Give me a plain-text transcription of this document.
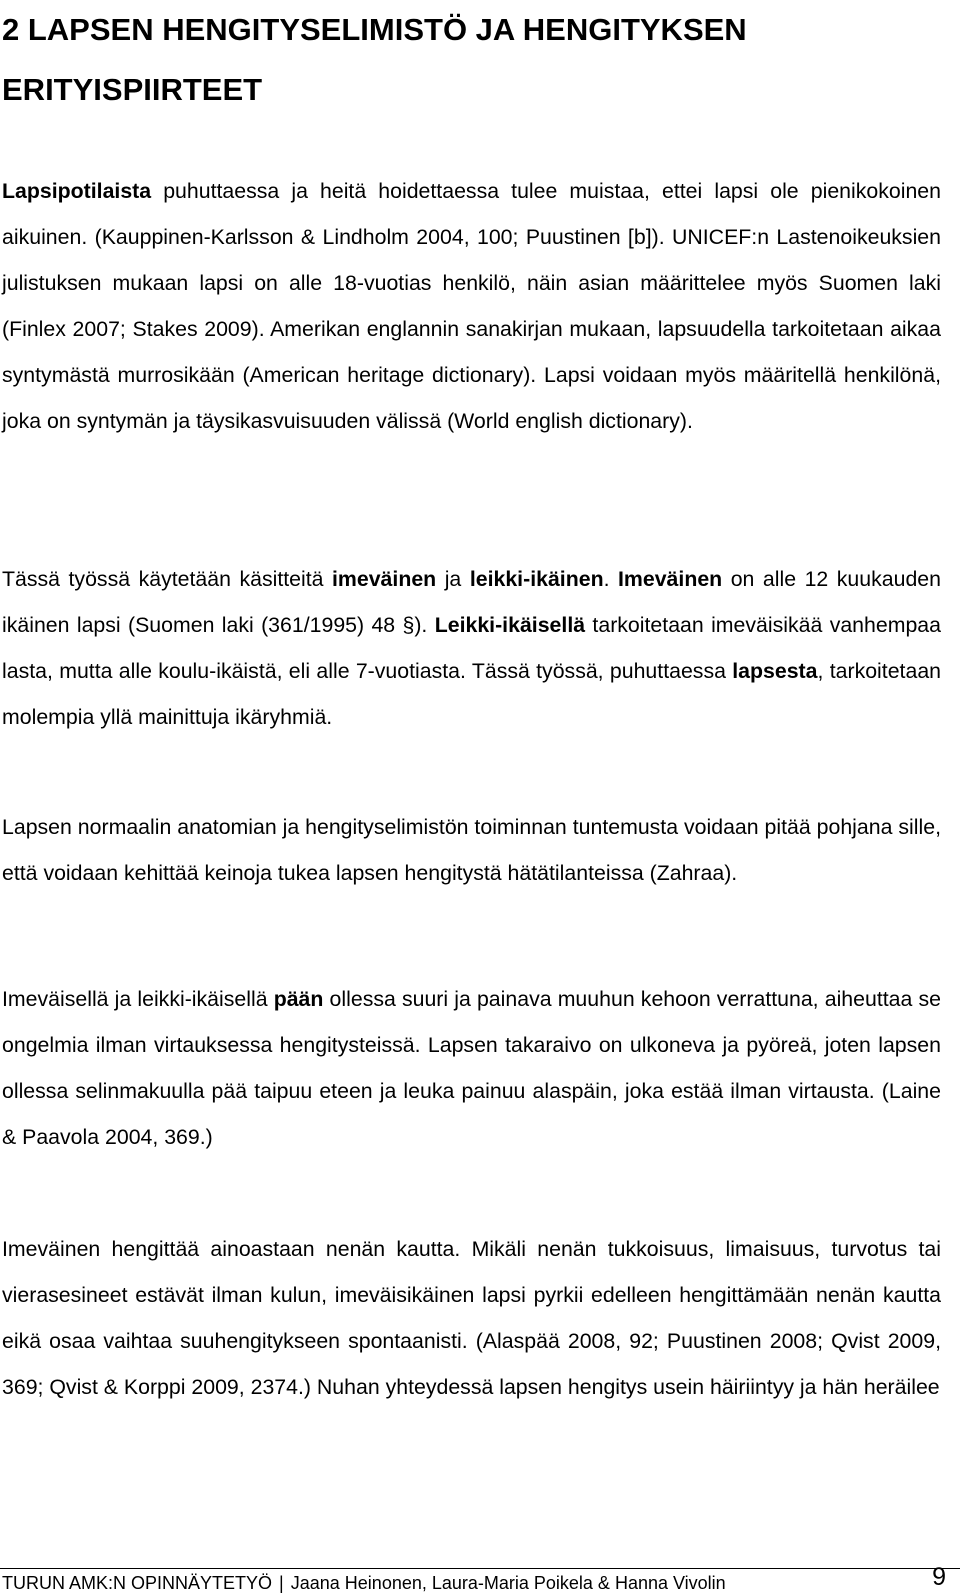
2 LAPSEN HENGITYSELIMISTÖ JA HENGITYKSEN
ERITYISPIIRTEET

Lapsipotilaista puhuttaessa ja heitä hoidettaessa tulee muistaa, ettei lapsi ole pienikokoinen aikuinen. (Kauppinen-Karlsson & Lindholm 2004, 100; Puustinen [b]). UNICEF:n Lastenoikeuksien julistuksen mukaan lapsi on alle 18-vuotias henkilö, näin asian määrittelee myös Suomen laki (Finlex 2007; Stakes 2009). Amerikan englannin sanakirjan mukaan, lapsuudella tarkoitetaan aikaa syntymästä murrosikään (American heritage dictionary). Lapsi voidaan myös määritellä henkilönä, joka on syntymän ja täysikasvuisuuden välissä (World english dictionary).

Tässä työssä käytetään käsitteitä imeväinen ja leikki-ikäinen. Imeväinen on alle 12 kuukauden ikäinen lapsi (Suomen laki (361/1995) 48 §). Leikki-ikäisellä tarkoitetaan imeväisikää vanhempaa lasta, mutta alle koulu-ikäistä, eli alle 7-vuotiasta. Tässä työssä, puhuttaessa lapsesta, tarkoitetaan molempia yllä mainittuja ikäryhmiä.

Lapsen normaalin anatomian ja hengityselimistön toiminnan tuntemusta voidaan pitää pohjana sille, että voidaan kehittää keinoja tukea lapsen hengitystä hätätilanteissa (Zahraa).

Imeväisellä ja leikki-ikäisellä pään ollessa suuri ja painava muuhun kehoon verrattuna, aiheuttaa se ongelmia ilman virtauksessa hengitysteissä. Lapsen takaraivo on ulkoneva ja pyöreä, joten lapsen ollessa selinmakuulla pää taipuu eteen ja leuka painuu alaspäin, joka estää ilman virtausta. (Laine & Paavola 2004, 369.)

Imeväinen hengittää ainoastaan nenän kautta. Mikäli nenän tukkoisuus, limaisuus, turvotus tai vierasesineet estävät ilman kulun, imeväisikäinen lapsi pyrkii edelleen hengittämään nenän kautta eikä osaa vaihtaa suuhengitykseen spontaanisti. (Alaspää 2008, 92; Puustinen 2008; Qvist 2009, 369; Qvist & Korppi 2009, 2374.) Nuhan yhteydessä lapsen hengitys usein häiriintyy ja hän heräilee

TURUN AMK:N OPINNÄYTETYÖ | Jaana Heinonen, Laura-Maria Poikela & Hanna Vivolin	9
